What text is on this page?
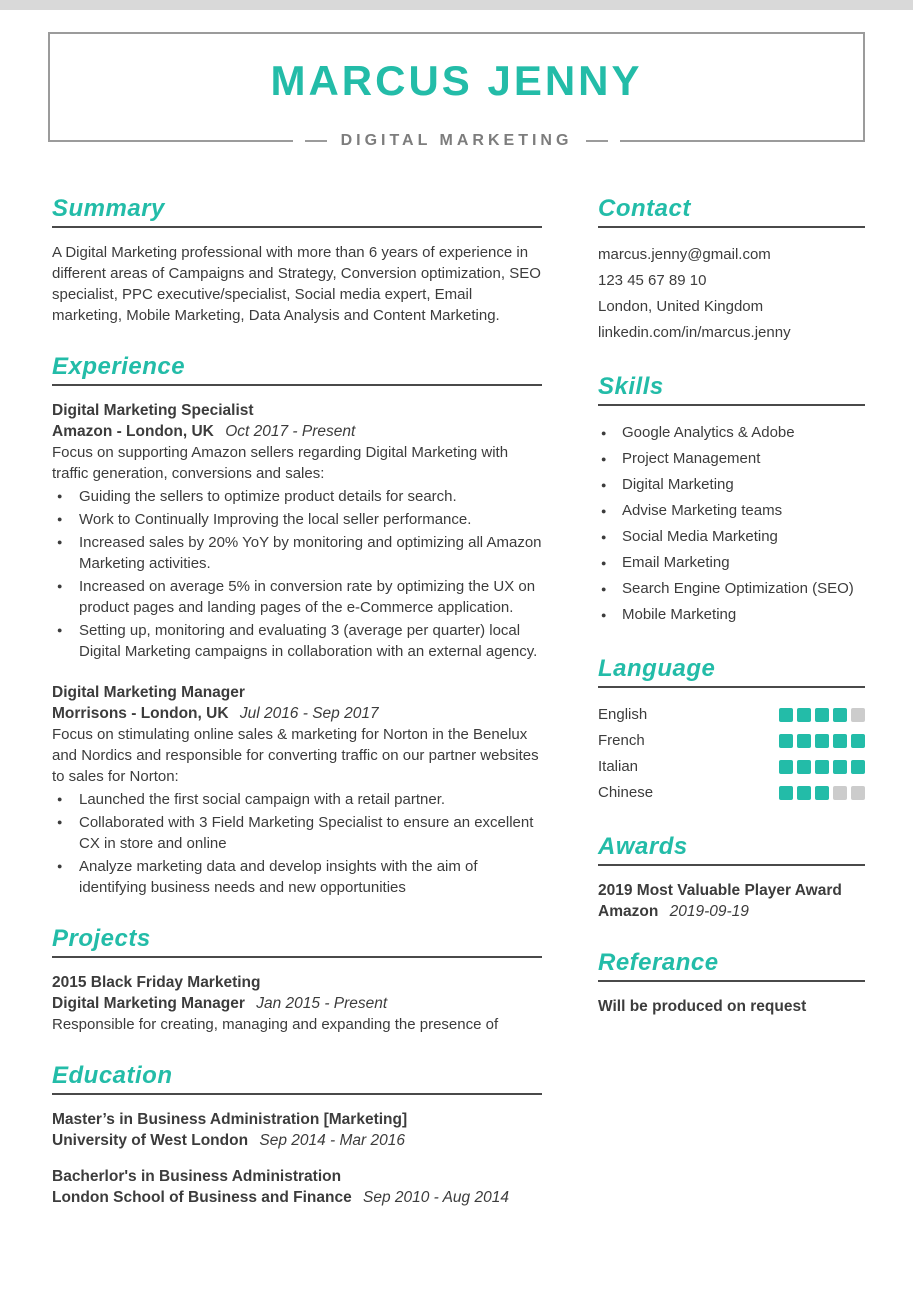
MARCUS JENNY
DIGITAL MARKETING
Summary

A Digital Marketing professional with more than 6 years of experience in different areas of Campaigns and Strategy, Conversion optimization, SEO specialist, PPC executive/specialist, Social media expert, Email marketing, Mobile Marketing, Data Analysis and Content Marketing.

Experience
Digital Marketing Specialist
Amazon - London, UK Oct 2017 - Present

Focus on supporting Amazon sellers regarding Digital Marketing with traffic generation, conversions and sales:

● Guiding the sellers to optimize product details for search.
● Work to Continually Improving the local seller performance.
● Increased sales by 20% YoY by monitoring and optimizing all Amazon Marketing activities.
● Increased on average 5% in conversion rate by optimizing the UX on product pages and landing pages of the e-Commerce application.
● Setting up, monitoring and evaluating 3 (average per quarter) local Digital Marketing campaigns in collaboration with an external agency.
Digital Marketing Manager
Morrisons - London, UK Jul 2016 - Sep 2017

Focus on stimulating online sales & marketing for Norton in the Benelux and Nordics and responsible for converting traffic on our partner websites to sales for Norton:

● Launched the first social campaign with a retail partner.
● Collaborated with 3 Field Marketing Specialist to ensure an excellent CX in store and online
● Analyze marketing data and develop insights with the aim of identifying business needs and new opportunities
Projects
2015 Black Friday Marketing
Digital Marketing Manager Jan 2015 - Present

Responsible for creating, managing and expanding the presence of

Education
Master’s in Business Administration [Marketing]
University of West London Sep 2014 - Mar 2016
Bacherlor's in Business Administration
London School of Business and Finance Sep 2010 - Aug 2014
Contact
marcus.jenny@gmail.com
123 45 67 89 10
London, United Kingdom
linkedin.com/in/marcus.jenny
Skills
● Google Analytics & Adobe
● Project Management
● Digital Marketing
● Advise Marketing teams
● Social Media Marketing
● Email Marketing
● Search Engine Optimization (SEO)
● Mobile Marketing
Language
English
French
Italian
Chinese
Awards
2019 Most Valuable Player Award
Amazon 2019-09-19
Referance
Will be produced on request
